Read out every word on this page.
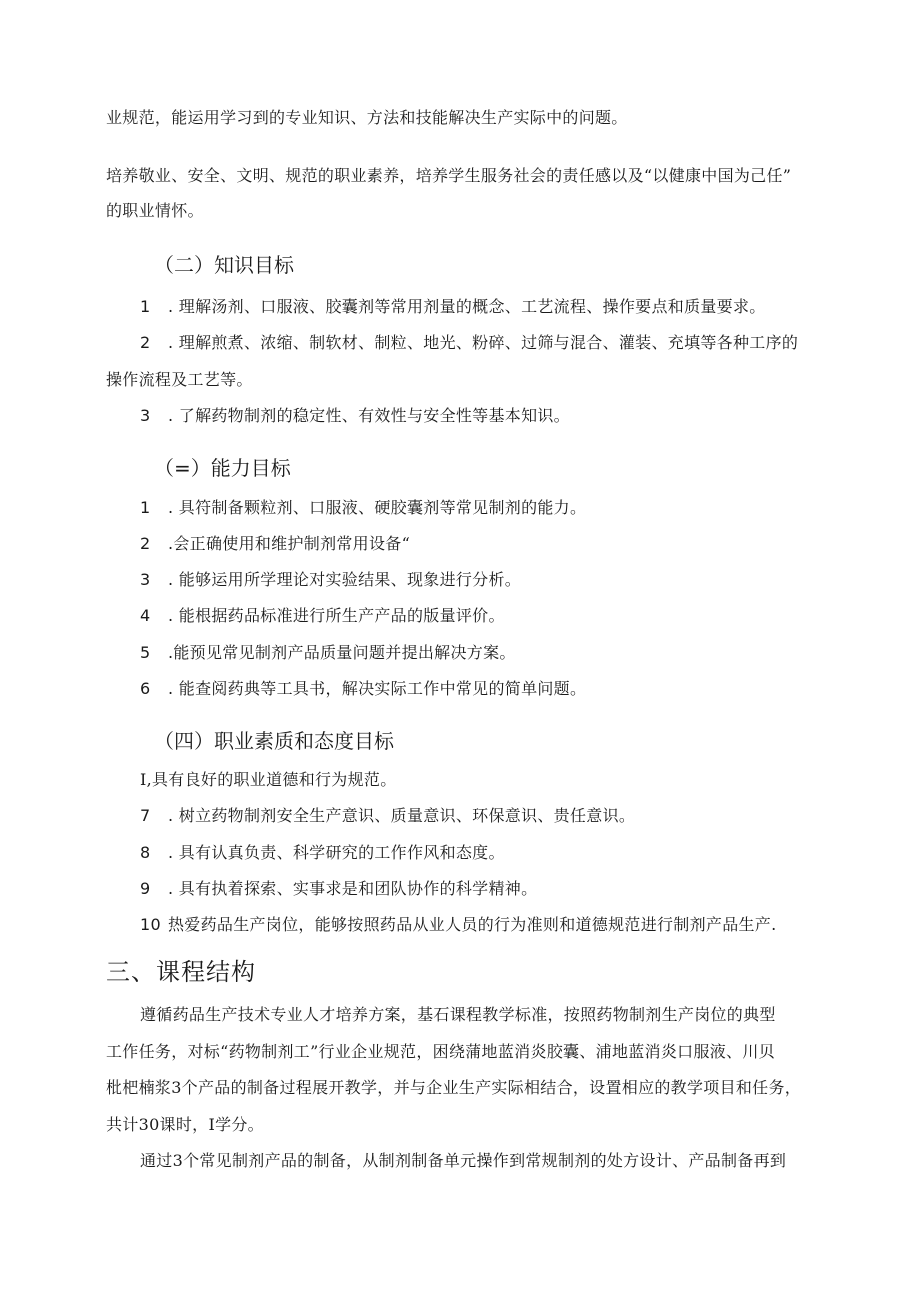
业规范，能运用学习到的专业知识、方法和技能解决生产实际中的问题。
培养敬业、安全、文明、规范的职业素养，培养学生服务社会的责任感以及“以健康中国为己任”
的职业情怀。
（二）知识目标
1 . 理解汤剂、口服液、胶囊剂等常用剂量的概念、工艺流程、操作要点和质量要求。
2 . 理解煎煮、浓缩、制软材、制粒、地光、粉碎、过筛与混合、灌装、充填等各种工序的
操作流程及工艺等。
3 . 了解药物制剂的稳定性、有效性与安全性等基本知识。
（=）能力目标
1 . 具符制备颗粒剂、口服液、硬胶囊剂等常见制剂的能力。
2 .会正确使用和维护制剂常用设备“
3 . 能够运用所学理论对实验结果、现象进行分析。
4 . 能根据药品标准进行所生产产品的版量评价。
5 .能预见常见制剂产品质量问题并提出解决方案。
6 . 能查阅药典等工具书，解决实际工作中常见的简单问题。
（四）职业素质和态度目标
I,具有良好的职业道德和行为规范。
7 . 树立药物制剂安全生产意识、质量意识、环保意识、贵任意识。
8 . 具有认真负责、科学研究的工作作风和态度。
9 . 具有执着探索、实事求是和团队协作的科学精神。
10 热爱药品生产岗位，能够按照药品从业人员的行为准则和道德规范进行制剂产品生产.
三、课程结构
遵循药品生产技术专业人才培养方案，基石课程教学标准，按照药物制剂生产岗位的典型
工作任务，对标“药物制剂工”行业企业规范，困绕蒲地蓝消炎胶囊、浦地蓝消炎口服液、川贝
枇杷楠浆3个产品的制备过程展开教学，并与企业生产实际相结合，设置相应的教学项目和任务，
共计30课时，I学分。
通过3个常见制剂产品的制备，从制剂制备单元操作到常规制剂的处方设计、产品制备再到
